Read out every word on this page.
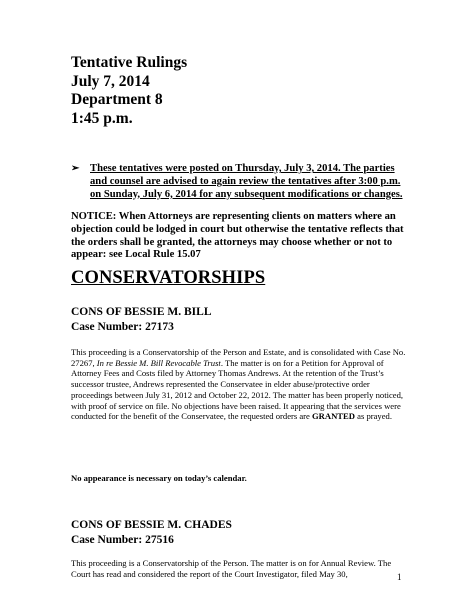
Tentative Rulings
July 7, 2014
Department 8
1:45 p.m.
➢ These tentatives were posted on Thursday, July 3, 2014. The parties and counsel are advised to again review the tentatives after 3:00 p.m. on Sunday, July 6, 2014 for any subsequent modifications or changes.
NOTICE: When Attorneys are representing clients on matters where an objection could be lodged in court but otherwise the tentative reflects that the orders shall be granted, the attorneys may choose whether or not to appear: see Local Rule 15.07
CONSERVATORSHIPS
CONS OF BESSIE M. BILL
Case Number: 27173
This proceeding is a Conservatorship of the Person and Estate, and is consolidated with Case No. 27267, In re Bessie M. Bill Revocable Trust. The matter is on for a Petition for Approval of Attorney Fees and Costs filed by Attorney Thomas Andrews. At the retention of the Trust’s successor trustee, Andrews represented the Conservatee in elder abuse/protective order proceedings between July 31, 2012 and October 22, 2012. The matter has been properly noticed, with proof of service on file. No objections have been raised. It appearing that the services were conducted for the benefit of the Conservatee, the requested orders are GRANTED as prayed.
No appearance is necessary on today’s calendar.
CONS OF BESSIE M. CHADES
Case Number: 27516
This proceeding is a Conservatorship of the Person. The matter is on for Annual Review. The Court has read and considered the report of the Court Investigator, filed May 30,	1
